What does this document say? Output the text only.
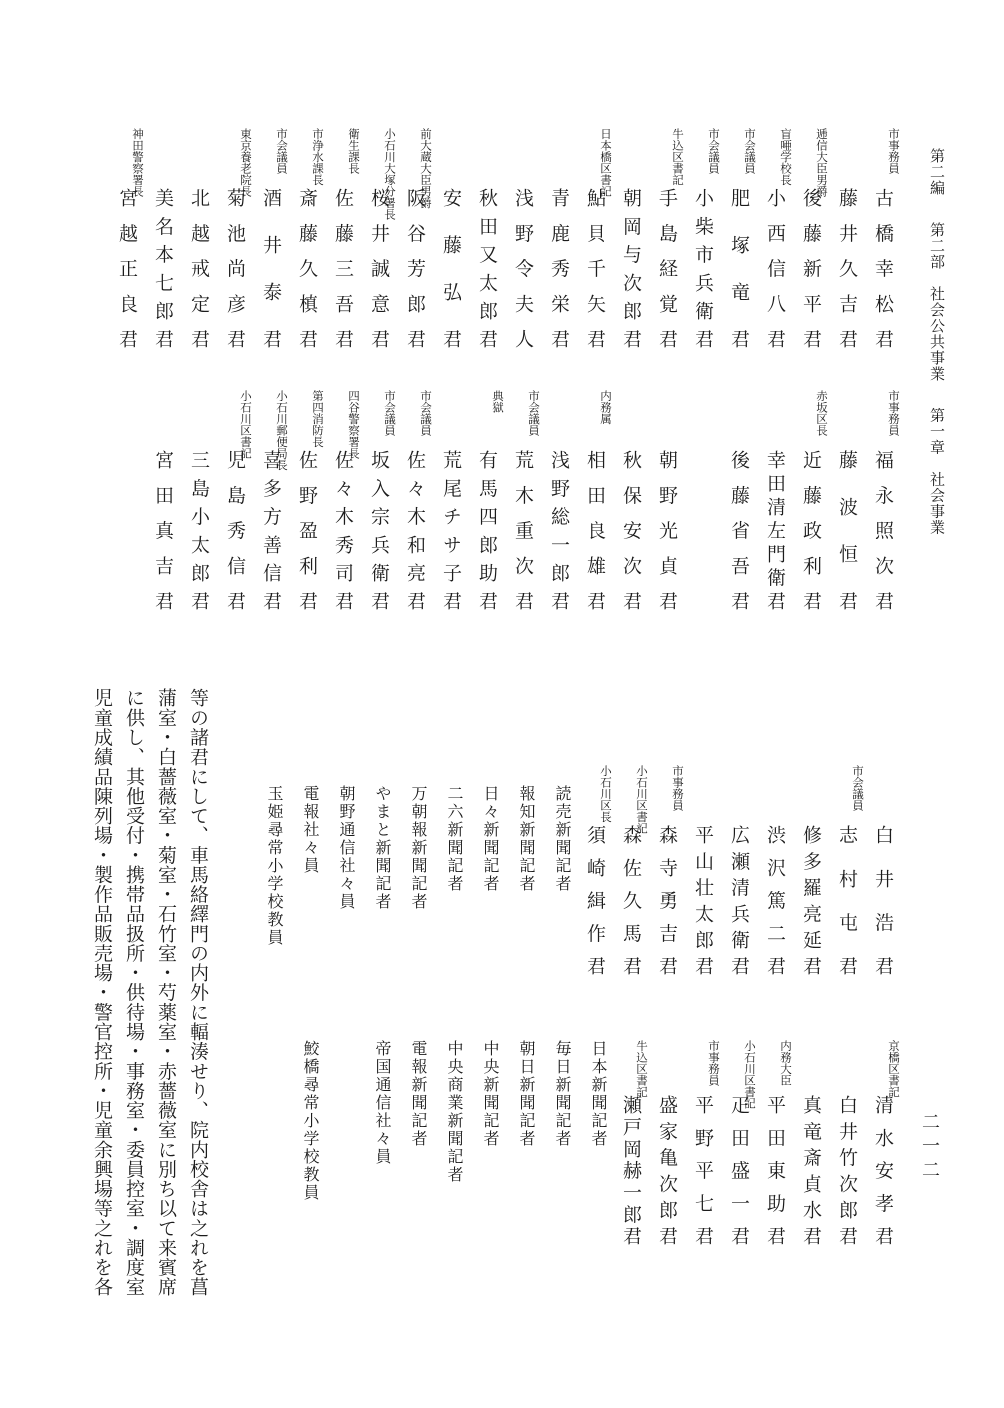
第二編 第二部 社会公共事業 第一章 社会事業
二一二
市事務員
古橋幸松君
藤井久吉君
逓信大臣男爵
後藤新平君
盲唖学校長
小西信八君
市会議員
肥塚竜君
市会議員
小柴市兵衛君
牛込区書記
手島経覚君
朝岡与次郎君
日本橋区書記
鮎貝千矢君
青鹿秀栄君
浅野令夫人
秋田又太郎君
安藤弘君
前大蔵大臣男爵
阪谷芳郎君
小石川大塚分署長
桜井誠意君
衛生課長
佐藤三吾君
市浄水課長
斎藤久槙君
市会議員
酒井泰君
東京養老院長
菊池尚彦君
北越戒定君
美名本七郎君
神田警察署長
宮越正良君
市事務員
福永照次君
藤波恒君
赤坂区長
近藤政利君
幸田清左門衛君
後藤省吾君
朝野光貞君
秋保安次君
内務属
相田良雄君
浅野総一郎君
市会議員
荒木重次君
典獄
有馬四郎助君
荒尾チサ子君
市会議員
佐々木和亮君
市会議員
坂入宗兵衛君
四谷警察署長
佐々木秀司君
第四消防長
佐野盈利君
小石川郵便局長
喜多方善信君
小石川区書記
児島秀信君
三島小太郎君
宮田真吉君
白井浩君
市会議員
志村屯君
修多羅亮延君
渋沢篤二君
広瀬清兵衛君
平山壮太郎君
市事務員
森寺勇吉君
小石川区書記
森佐久馬君
小石川区長
須崎緝作君
読売新聞記者
報知新聞記者
日々新聞記者
二六新聞記者
万朝報新聞記者
やまと新聞記者
朝野通信社々員
電報社々員
玉姫尋常小学校教員
京橋区書記
清水安孝君
白井竹次郎君
真竜斎貞水君
内務大臣
平田東助君
小石川区書記
疋田盛一君
市事務員
平野平七君
盛家亀次郎君
牛込区書記
瀬戸岡赫一郎君
日本新聞記者
毎日新聞記者
朝日新聞記者
中央新聞記者
中央商業新聞記者
電報新聞記者
帝国通信社々員
鮫橋尋常小学校教員
等の諸君にして、車馬絡繹門の内外に輻湊せり、院内校舎は之れを菖
蒲室・白薔薇室・菊室・石竹室・芍薬室・赤薔薇室に別ち以て来賓席
に供し、其他受付・携帯品扱所・供待場・事務室・委員控室・調度室
児童成績品陳列場・製作品販売場・警官控所・児童余興場等之れを各
